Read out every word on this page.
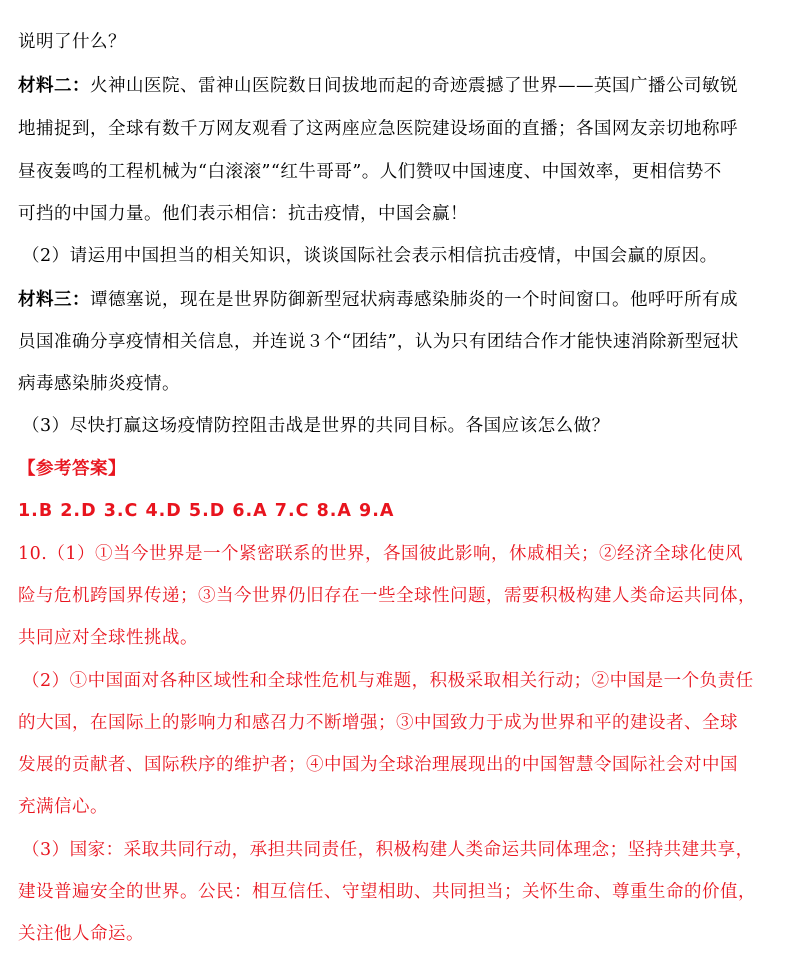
说明了什么？
材料二：火神山医院、雷神山医院数日间拔地而起的奇迹震撼了世界——英国广播公司敏锐
地捕捉到，全球有数千万网友观看了这两座应急医院建设场面的直播；各国网友亲切地称呼
昼夜轰鸣的工程机械为“白滚滚”“红牛哥哥”。人们赞叹中国速度、中国效率，更相信势不
可挡的中国力量。他们表示相信：抗击疫情，中国会赢！
（2）请运用中国担当的相关知识，谈谈国际社会表示相信抗击疫情，中国会赢的原因。
材料三：谭德塞说，现在是世界防御新型冠状病毒感染肺炎的一个时间窗口。他呼吁所有成
员国准确分享疫情相关信息，并连说３个“团结”，认为只有团结合作才能快速消除新型冠状
病毒感染肺炎疫情。
（3）尽快打赢这场疫情防控阻击战是世界的共同目标。各国应该怎么做？
【参考答案】
1.B 2.D 3.C 4.D 5.D 6.A 7.C 8.A 9.A
10.（1）①当今世界是一个紧密联系的世界，各国彼此影响，休戚相关；②经济全球化使风
险与危机跨国界传递；③当今世界仍旧存在一些全球性问题，需要积极构建人类命运共同体，
共同应对全球性挑战。
（2）①中国面对各种区域性和全球性危机与难题，积极采取相关行动；②中国是一个负责任
的大国，在国际上的影响力和感召力不断增强；③中国致力于成为世界和平的建设者、全球
发展的贡献者、国际秩序的维护者；④中国为全球治理展现出的中国智慧令国际社会对中国
充满信心。
（3）国家：采取共同行动，承担共同责任，积极构建人类命运共同体理念；坚持共建共享，
建设普遍安全的世界。公民：相互信任、守望相助、共同担当；关怀生命、尊重生命的价值，
关注他人命运。
